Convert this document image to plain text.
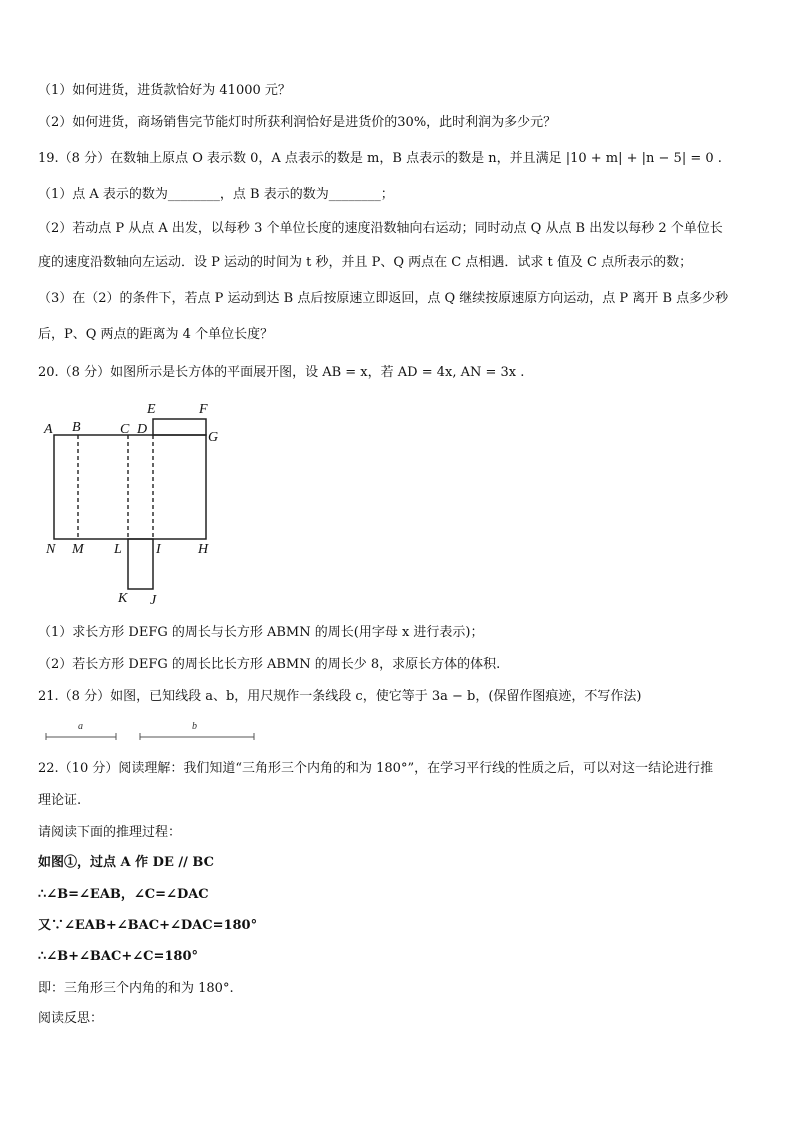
（1）如何进货，进货款恰好为 41000 元？
（2）如何进货，商场销售完节能灯时所获利润恰好是进货价的30%，此时利润为多少元？
19.（8 分）在数轴上原点 O 表示数 0，A 点表示的数是 m，B 点表示的数是 n，并且满足 |10 + m| + |n − 5| = 0 .
（1）点 A 表示的数为________，点 B 表示的数为________；
（2）若动点 P 从点 A 出发，以每秒 3 个单位长度的速度沿数轴向右运动；同时动点 Q 从点 B 出发以每秒 2 个单位长
度的速度沿数轴向左运动．设 P 运动的时间为 t 秒，并且 P、Q 两点在 C 点相遇．试求 t 值及 C 点所表示的数；
（3）在（2）的条件下，若点 P 运动到达 B 点后按原速立即返回，点 Q 继续按原速原方向运动，点 P 离开 B 点多少秒
后，P、Q 两点的距离为 4 个单位长度？
20.（8 分）如图所示是长方体的平面展开图，设 AB = x，若 AD = 4x, AN = 3x .
A B	C D
E	F
G
N M L I	H
K J
（1）求长方形 DEFG 的周长与长方形 ABMN 的周长(用字母 x 进行表示)；
（2）若长方形 DEFG 的周长比长方形 ABMN 的周长少 8，求原长方体的体积.
21.（8 分）如图，已知线段 a、b，用尺规作一条线段 c，使它等于 3a − b，(保留作图痕迹，不写作法)
a	b
22.（10 分）阅读理解：我们知道“三角形三个内角的和为 180°”，在学习平行线的性质之后，可以对这一结论进行推
理论证.
请阅读下面的推理过程：
如图①，过点 A 作 DE // BC
∴∠B=∠EAB，∠C=∠DAC
又∵∠EAB+∠BAC+∠DAC=180°
∴∠B+∠BAC+∠C=180°
即：三角形三个内角的和为 180°.
阅读反思：
